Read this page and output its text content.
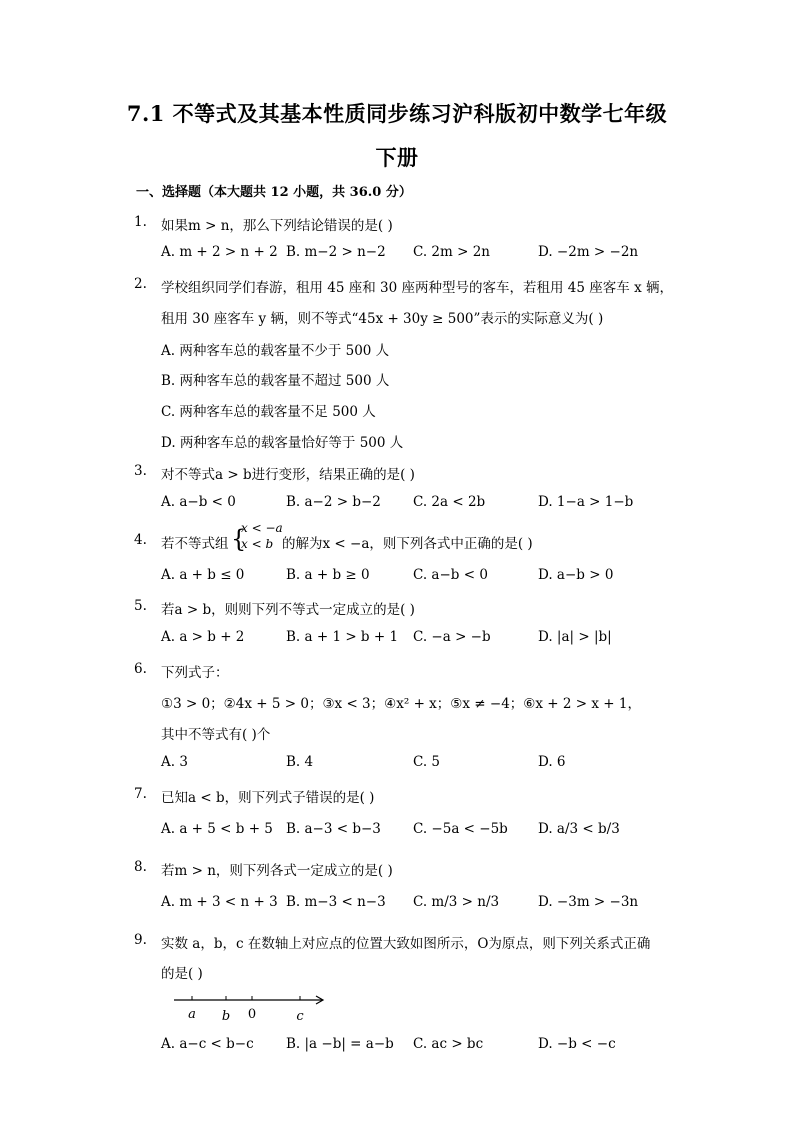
7.1 不等式及其基本性质同步练习沪科版初中数学七年级
下册
一、选择题（本大题共 12 小题，共 36.0 分）
1. 如果m > n，那么下列结论错误的是( )
A. m + 2 > n + 2 B. m−2 > n−2 C. 2m > 2n	D. −2m > −2n
2. 学校组织同学们春游，租用 45 座和 30 座两种型号的客车，若租用 45 座客车 x 辆，
租用 30 座客车 y 辆，则不等式“45x + 30y ≥ 500”表示的实际意义为( )
A. 两种客车总的载客量不少于 500 人
B. 两种客车总的载客量不超过 500 人
C. 两种客车总的载客量不足 500 人
D. 两种客车总的载客量恰好等于 500 人
3. 对不等式a > b进行变形，结果正确的是( )
A. a−b < 0	B. a−2 > b−2 C. 2a < 2b	D. 1−a > 1−b
4. 若不等式组 {
x < −a
x < b 的解为x < −a，则下列各式中正确的是( )
A. a + b ≤ 0	B. a + b ≥ 0	C. a−b < 0	D. a−b > 0
5. 若a > b，则则下列不等式一定成立的是( )
A. a > b + 2	B. a + 1 > b + 1 C. −a > −b	D. |a| > |b|
6. 下列式子：
①3 > 0；②4x + 5 > 0；③x < 3；④x² + x；⑤x ≠ −4；⑥x + 2 > x + 1，
其中不等式有( )个
A. 3	B. 4	C. 5	D. 6
7. 已知a < b，则下列式子错误的是( )
A. a + 5 < b + 5 B. a−3 < b−3 C. −5a < −5b D. a/3 < b/3
8. 若m > n，则下列各式一定成立的是( )
A. m + 3 < n + 3 B. m−3 < n−3 C. m/3 > n/3	D. −3m > −3n
9. 实数 a，b，c 在数轴上对应点的位置大致如图所示，O为原点，则下列关系式正确
的是( )
a b 0	c
A. a−c < b−c B. |a −b| = a−b C. ac > bc	D. −b < −c
